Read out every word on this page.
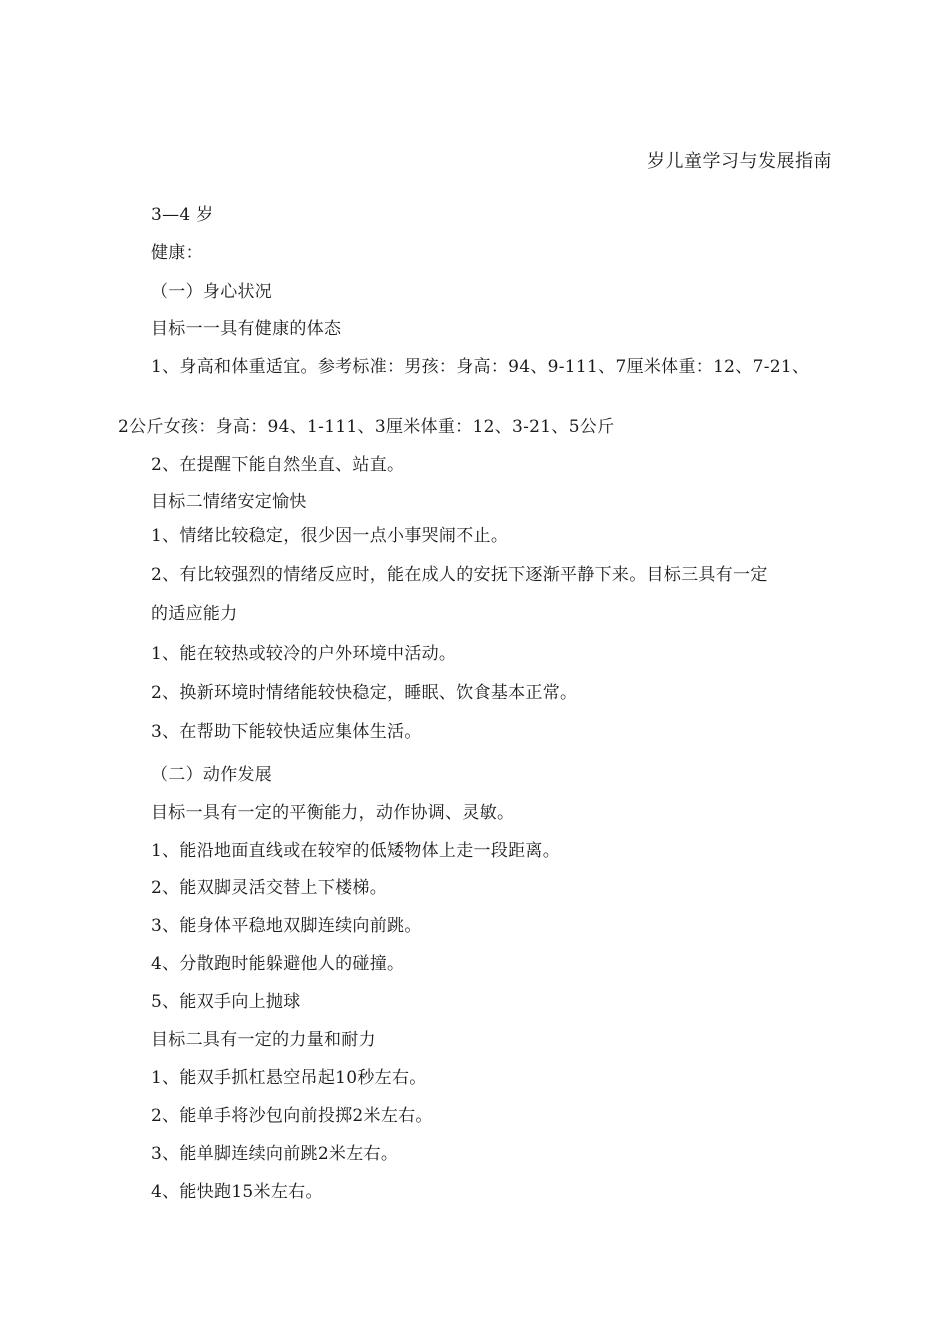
岁儿童学习与发展指南
3—4 岁
健康：
（一）身心状况
目标一一具有健康的体态
1、身高和体重适宜。参考标准：男孩：身高：94、9-111、7厘米体重：12、7-21、
2公斤女孩：身高：94、1-111、3厘米体重：12、3-21、5公斤
2、在提醒下能自然坐直、站直。
目标二情绪安定愉快
1、情绪比较稳定，很少因一点小事哭闹不止。
2、有比较强烈的情绪反应时，能在成人的安抚下逐渐平静下来。目标三具有一定
的适应能力
1、能在较热或较冷的户外环境中活动。
2、换新环境时情绪能较快稳定，睡眠、饮食基本正常。
3、在帮助下能较快适应集体生活。
（二）动作发展
目标一具有一定的平衡能力，动作协调、灵敏。
1、能沿地面直线或在较窄的低矮物体上走一段距离。
2、能双脚灵活交替上下楼梯。
3、能身体平稳地双脚连续向前跳。
4、分散跑时能躲避他人的碰撞。
5、能双手向上抛球
目标二具有一定的力量和耐力
1、能双手抓杠悬空吊起10秒左右。
2、能单手将沙包向前投掷2米左右。
3、能单脚连续向前跳2米左右。
4、能快跑15米左右。
